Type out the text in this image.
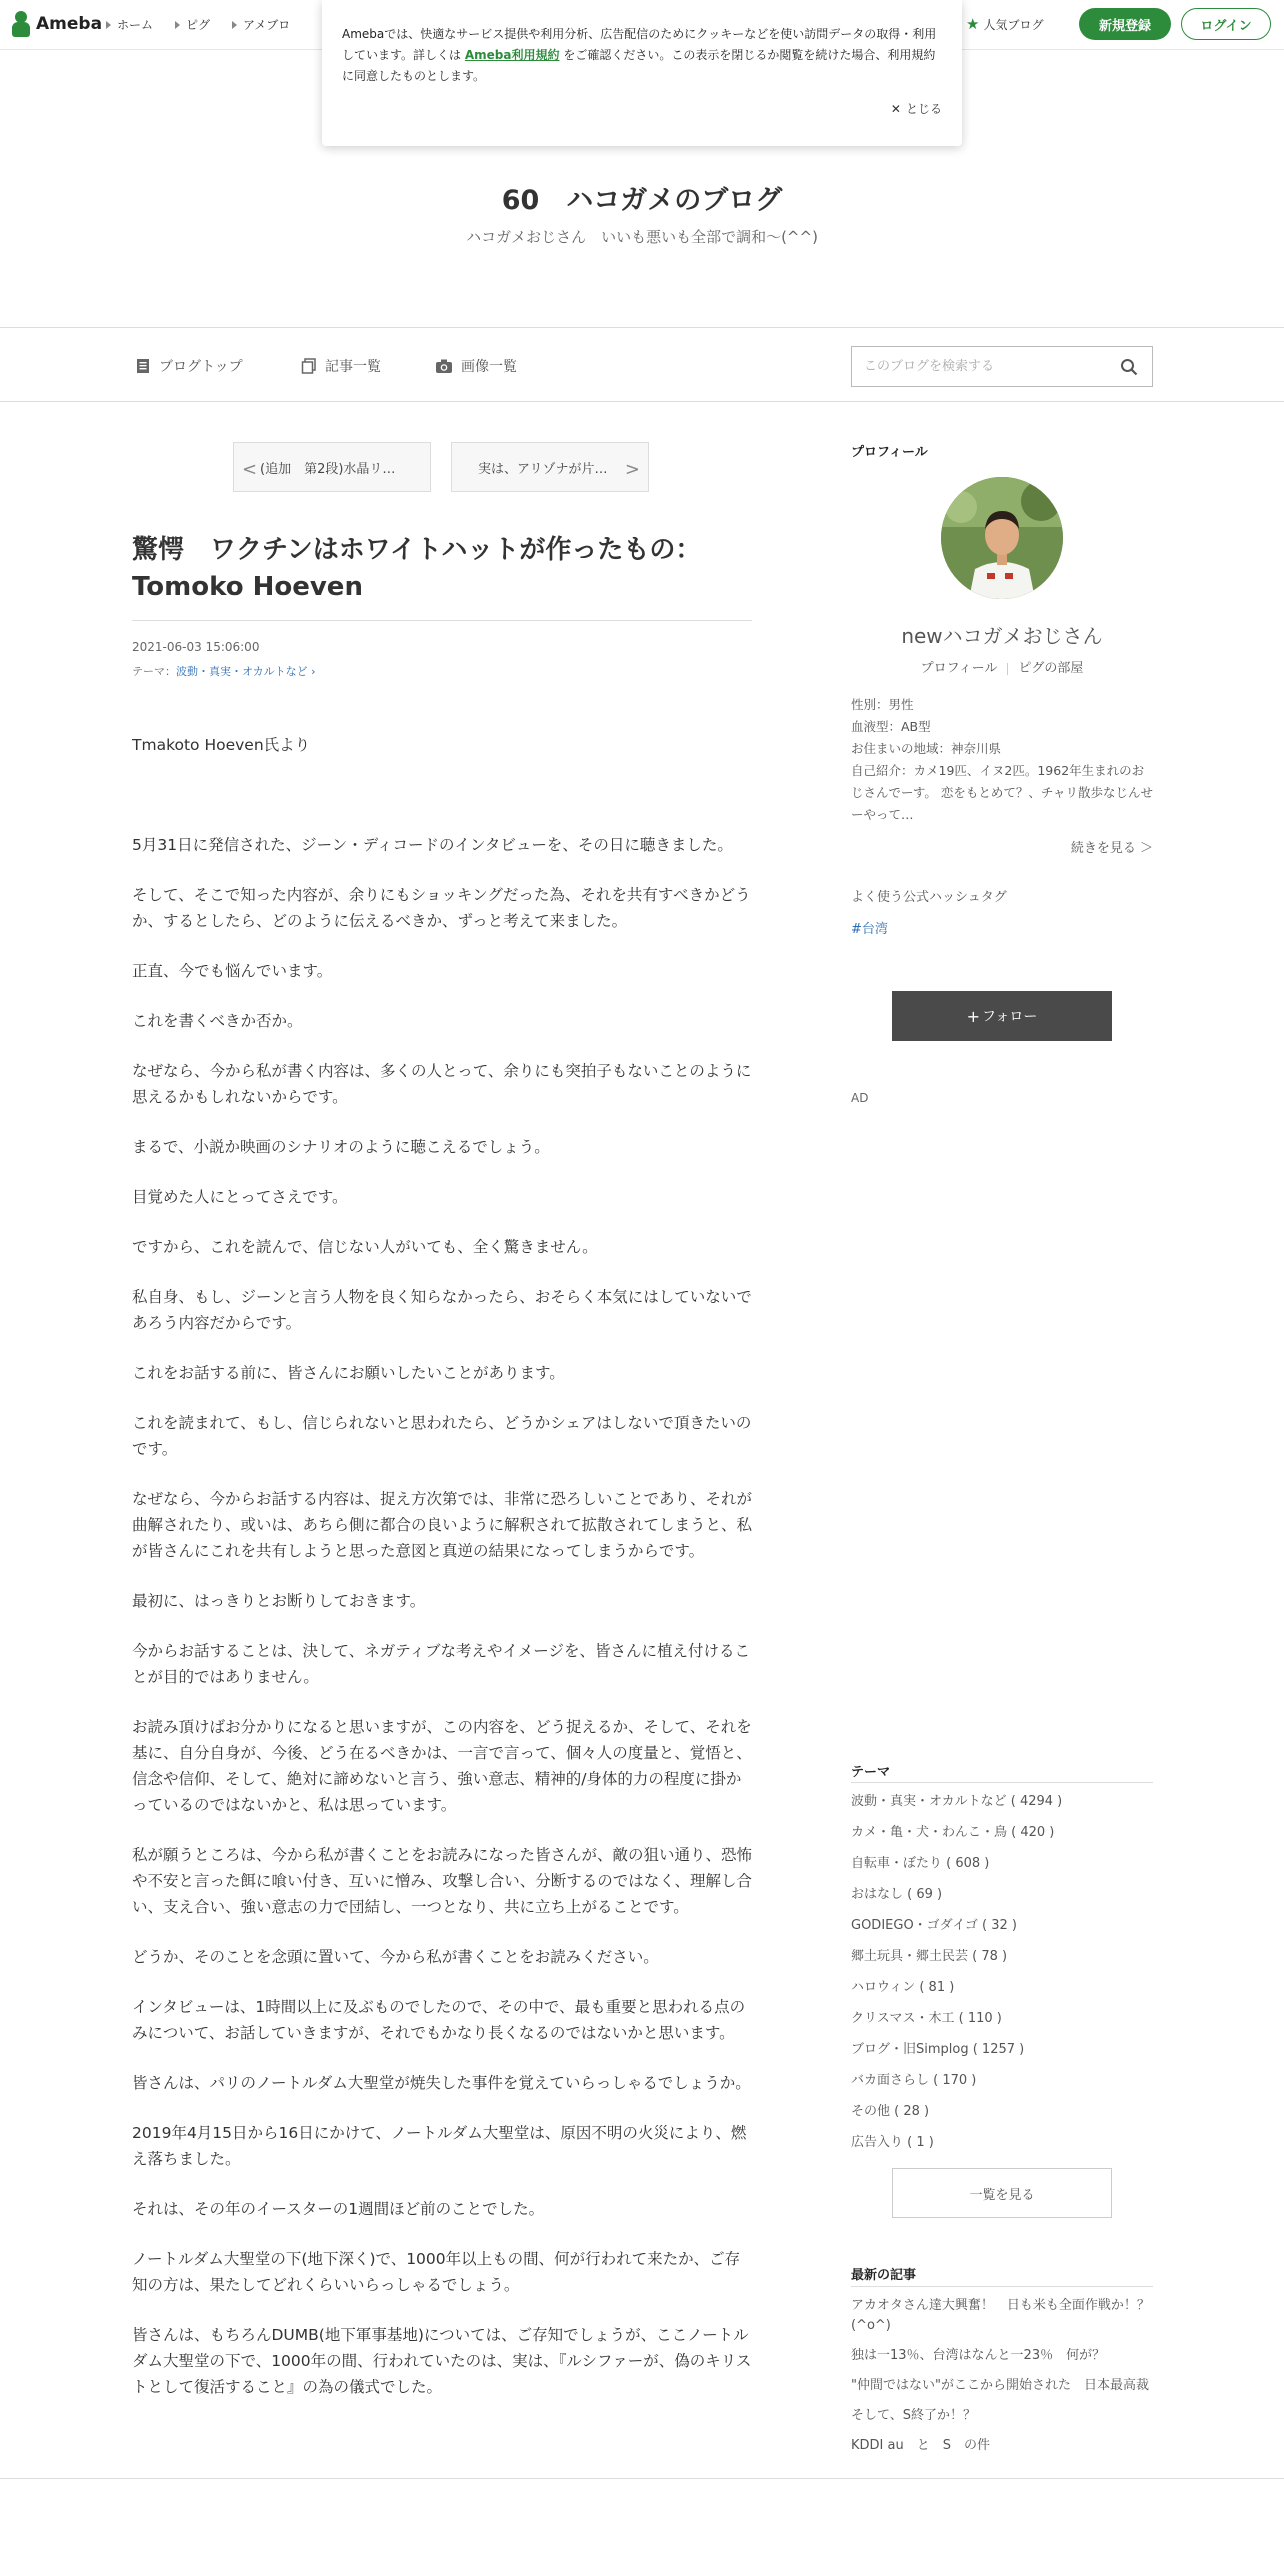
Ameba ホーム	ピグ	アメブロ	★ 人気ブログ	新規登録	ログイン
Amebaでは、快適なサービス提供や利用分析、広告配信のためにクッキーなどを使い訪問データの取得・利用しています。詳しくは Ameba利用規約 をご確認ください。この表示を閉じるか閲覧を続けた場合、利用規約に同意したものとします。
✕ とじる
60　ハコガメのブログ
ハコガメおじさん　いいも悪いも全部で調和～(^^)
ブログトップ	記事一覧	画像一覧
このブログを検索する
< (追加　第2段)水晶リ…	実は、アリゾナが片… >
驚愕　ワクチンはホワイトハットが作ったもの：Tomoko Hoeven
2021-06-03 15:06:00
テーマ：波動・真実・オカルトなど ›

Tmakoto Hoeven氏より

5月31日に発信された、ジーン・ディコードのインタビューを、その日に聴きました。

そして、そこで知った内容が、余りにもショッキングだった為、それを共有すべきかどうか、するとしたら、どのように伝えるべきか、ずっと考えて来ました。

正直、今でも悩んでいます。

これを書くべきか否か。

なぜなら、今から私が書く内容は、多くの人とって、余りにも突拍子もないことのように思えるかもしれないからです。

まるで、小説か映画のシナリオのように聴こえるでしょう。

目覚めた人にとってさえです。

ですから、これを読んで、信じない人がいても、全く驚きません。

私自身、もし、ジーンと言う人物を良く知らなかったら、おそらく本気にはしていないであろう内容だからです。

これをお話する前に、皆さんにお願いしたいことがあります。

これを読まれて、もし、信じられないと思われたら、どうかシェアはしないで頂きたいのです。

なぜなら、今からお話する内容は、捉え方次第では、非常に恐ろしいことであり、それが曲解されたり、或いは、あちら側に都合の良いように解釈されて拡散されてしまうと、私が皆さんにこれを共有しようと思った意図と真逆の結果になってしまうからです。

最初に、はっきりとお断りしておきます。

今からお話することは、決して、ネガティブな考えやイメージを、皆さんに植え付けることが目的ではありません。

お読み頂けばお分かりになると思いますが、この内容を、どう捉えるか、そして、それを基に、自分自身が、今後、どう在るべきかは、一言で言って、個々人の度量と、覚悟と、信念や信仰、そして、絶対に諦めないと言う、強い意志、精神的/身体的力の程度に掛かっているのではないかと、私は思っています。

私が願うところは、今から私が書くことをお読みになった皆さんが、敵の狙い通り、恐怖や不安と言った餌に喰い付き、互いに憎み、攻撃し合い、分断するのではなく、理解し合い、支え合い、強い意志の力で団結し、一つとなり、共に立ち上がることです。

どうか、そのことを念頭に置いて、今から私が書くことをお読みください。

インタビューは、1時間以上に及ぶものでしたので、その中で、最も重要と思われる点のみについて、お話していきますが、それでもかなり長くなるのではないかと思います。

皆さんは、パリのノートルダム大聖堂が焼失した事件を覚えていらっしゃるでしょうか。

2019年4月15日から16日にかけて、ノートルダム大聖堂は、原因不明の火災により、燃え落ちました。

それは、その年のイースターの1週間ほど前のことでした。

ノートルダム大聖堂の下(地下深く)で、1000年以上もの間、何が行われて来たか、ご存知の方は、果たしてどれくらいいらっしゃるでしょう。

皆さんは、もちろんDUMB(地下軍事基地)については、ご存知でしょうが、ここノートルダム大聖堂の下で、1000年の間、行われていたのは、実は、『ルシファーが、偽のキリストとして復活すること』の為の儀式でした。

プロフィール
newハコガメおじさん
プロフィール ピグの部屋
性別：男性
血液型：AB型
お住まいの地域：神奈川県
自己紹介：カメ19匹、イヌ2匹。1962年生まれのおじさんでーす。 恋をもとめて？、チャリ散歩なじんせーやって…
続きを見る ＞
よく使う公式ハッシュタグ
#台湾
+ フォロー
AD
テーマ
波動・真実・オカルトなど ( 4294 )
カメ・亀・犬・わんこ・鳥 ( 420 )
自転車・ぼたり ( 608 )
おはなし ( 69 )
GODIEGO・ゴダイゴ ( 32 )
郷土玩具・郷土民芸 ( 78 )
ハロウィン ( 81 )
クリスマス・木工 ( 110 )
ブログ・旧Simplog ( 1257 )
バカ面さらし ( 170 )
その他 ( 28 )
広告入り ( 1 )
一覧を見る
最新の記事
アカオタさん達大興奮！　日も米も全面作戦か！？(^o^)
独は一13％、台湾はなんと一23％　何が？
"仲間ではない"がここから開始された　日本最高裁
そして、S終了か！？
KDDI au　と　S　の件
